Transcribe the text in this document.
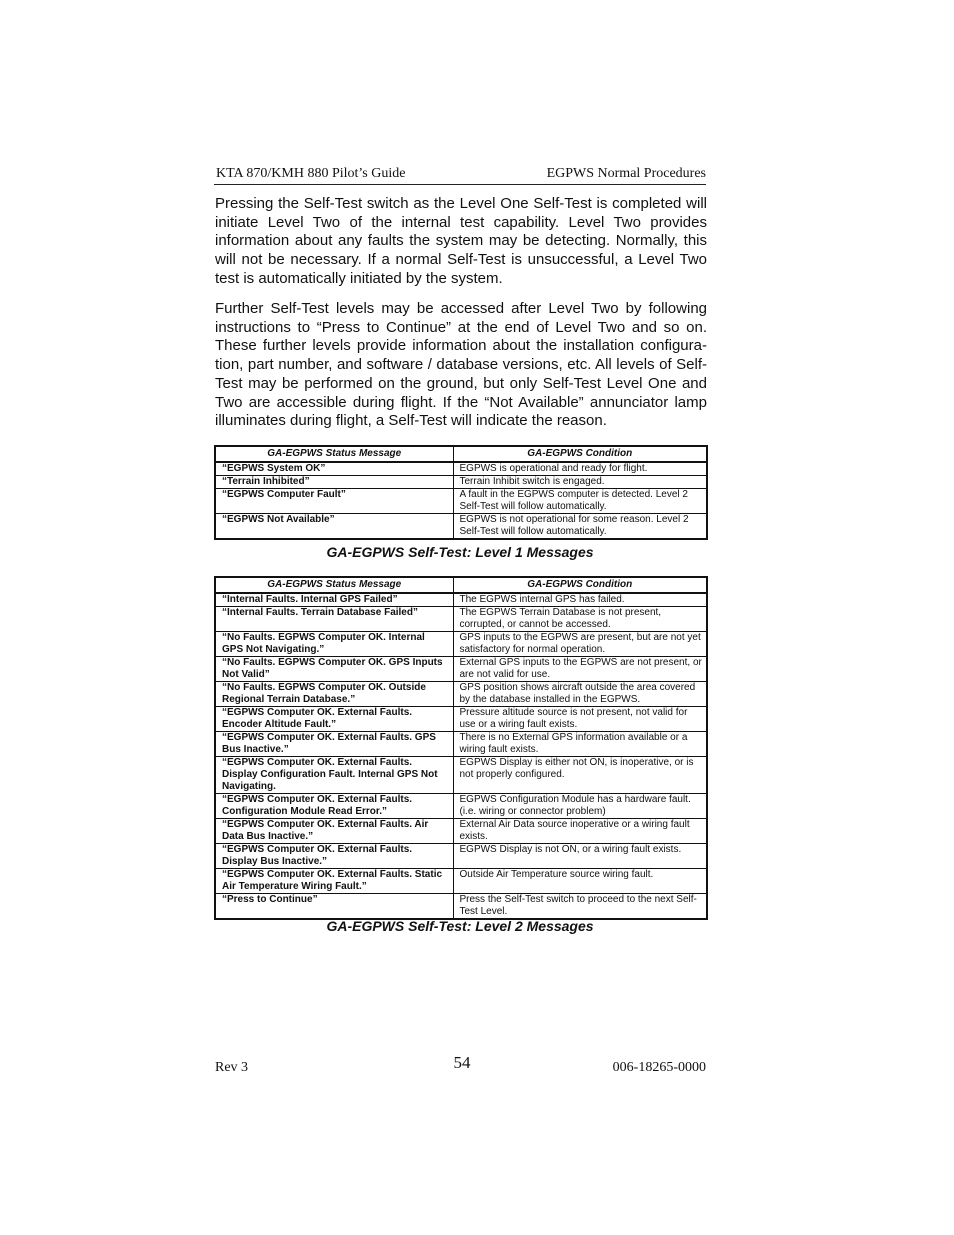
KTA 870/KMH 880 Pilot’s Guide	EGPWS Normal Procedures

Pressing the Self-Test switch as the Level One Self-Test is completed will initiate Level Two of the internal test capability. Level Two provides information about any faults the system may be detecting. Normally, this will not be necessary. If a normal Self-Test is unsuccessful, a Level Two test is automatically initiated by the system.

Further Self-Test levels may be accessed after Level Two by following instructions to “Press to Continue” at the end of Level Two and so on. These further levels provide information about the installation configura-tion, part number, and software / database versions, etc. All levels of Self-Test may be performed on the ground, but only Self-Test Level One and Two are accessible during flight. If the “Not Available” annunciator lamp illuminates during flight, a Self-Test will indicate the reason.

GA-EGPWS Status Message	GA-EGPWS Condition
“EGPWS System OK”	EGPWS is operational and ready for flight.
“Terrain Inhibited”	Terrain Inhibit switch is engaged.
“EGPWS Computer Fault”	A fault in the EGPWS computer is detected. Level 2 Self-Test will follow automatically.
“EGPWS Not Available”	EGPWS is not operational for some reason. Level 2 Self-Test will follow automatically.
GA-EGPWS Self-Test: Level 1 Messages
GA-EGPWS Status Message	GA-EGPWS Condition
“Internal Faults. Internal GPS Failed”	The EGPWS internal GPS has failed.
“Internal Faults. Terrain Database Failed”	The EGPWS Terrain Database is not present, corrupted, or cannot be accessed.
“No Faults. EGPWS Computer OK. Internal GPS Not Navigating.”	GPS inputs to the EGPWS are present, but are not yet satisfactory for normal operation.
“No Faults. EGPWS Computer OK. GPS Inputs Not Valid”	External GPS inputs to the EGPWS are not present, or are not valid for use.
“No Faults. EGPWS Computer OK. Outside Regional Terrain Database.”	GPS position shows aircraft outside the area covered by the database installed in the EGPWS.
“EGPWS Computer OK. External Faults. Encoder Altitude Fault.”	Pressure altitude source is not present, not valid for use or a wiring fault exists.
“EGPWS Computer OK. External Faults. GPS Bus Inactive.”	There is no External GPS information available or a wiring fault exists.
“EGPWS Computer OK. External Faults. Display Configuration Fault. Internal GPS Not Navigating.	EGPWS Display is either not ON, is inoperative, or is not properly configured.
“EGPWS Computer OK. External Faults. Configuration Module Read Error.”	EGPWS Configuration Module has a hardware fault. (i.e. wiring or connector problem)
“EGPWS Computer OK. External Faults. Air Data Bus Inactive.”	External Air Data source inoperative or a wiring fault exists.
“EGPWS Computer OK. External Faults. Display Bus Inactive.”	EGPWS Display is not ON, or a wiring fault exists.
“EGPWS Computer OK. External Faults. Static Air Temperature Wiring Fault.”	Outside Air Temperature source wiring fault.
“Press to Continue”	Press the Self-Test switch to proceed to the next Self-Test Level.
GA-EGPWS Self-Test: Level 2 Messages
Rev 3	54	006-18265-0000
